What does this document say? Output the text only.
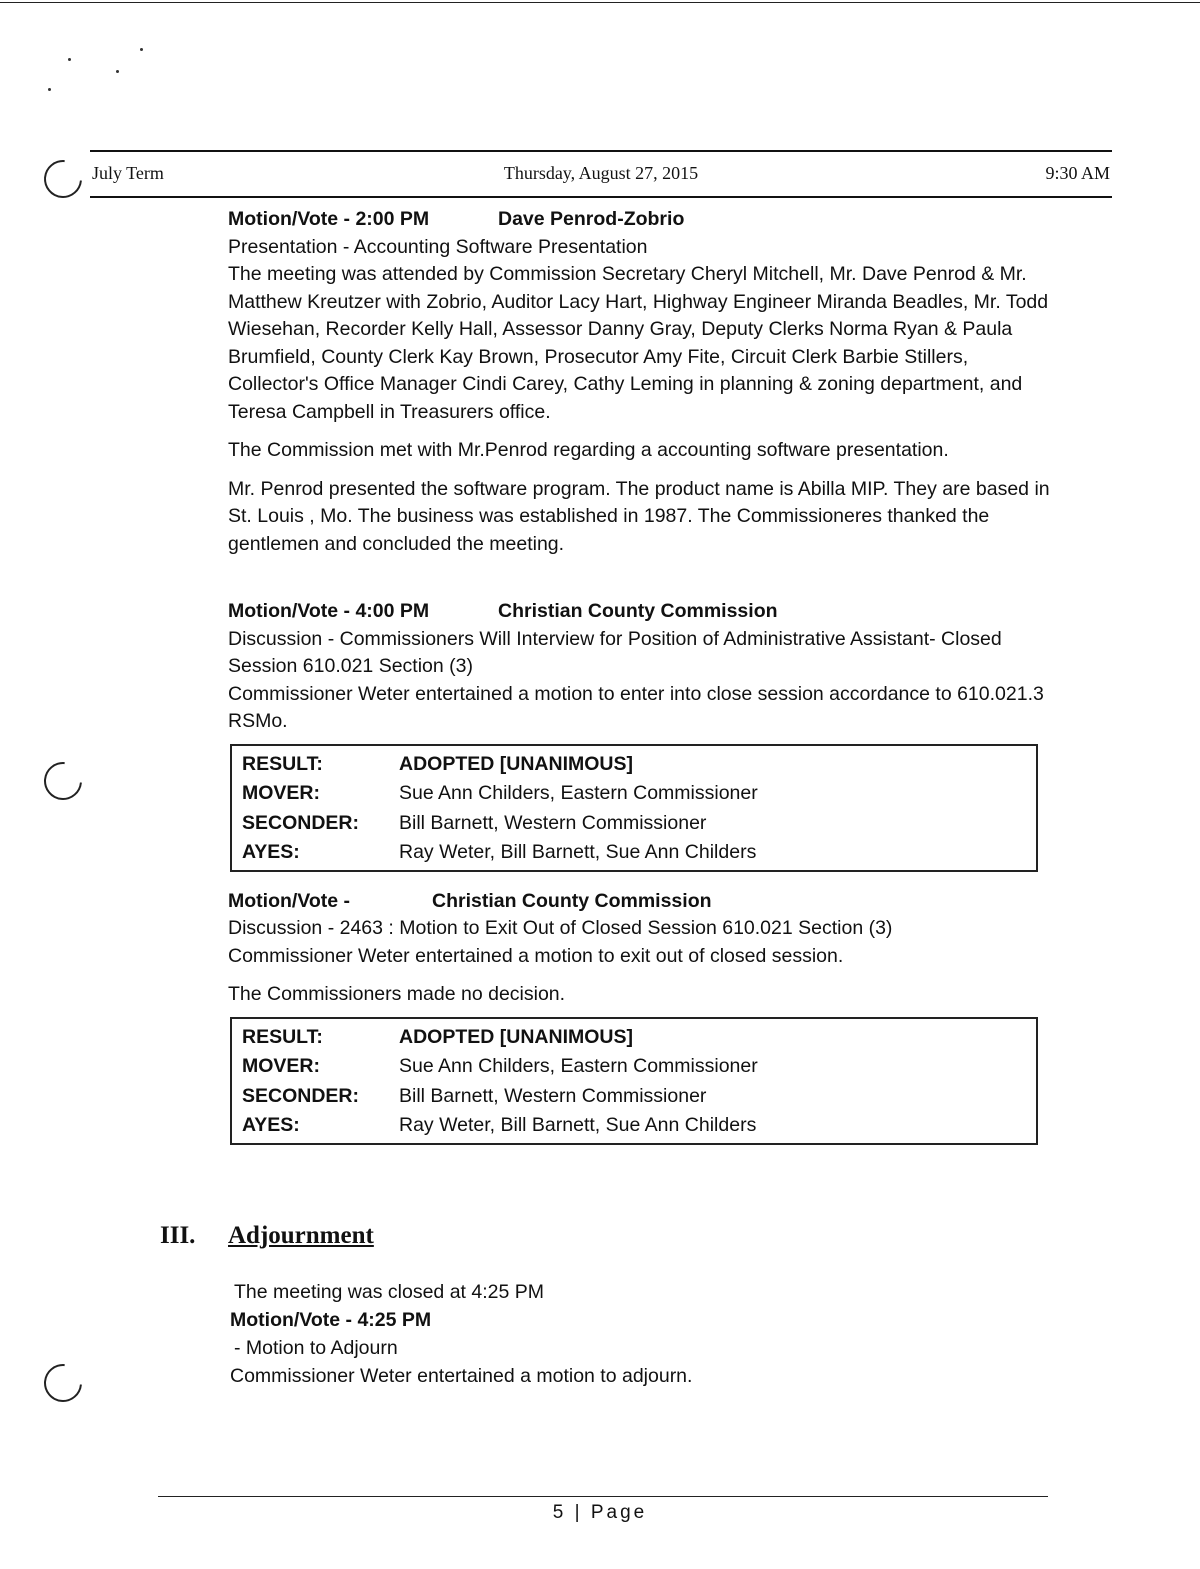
July Term	Thursday, August 27, 2015	9:30 AM
Motion/Vote - 2:00 PM	Dave Penrod-Zobrio

Presentation - Accounting Software Presentation

The meeting was attended by Commission Secretary Cheryl Mitchell, Mr. Dave Penrod & Mr. Matthew Kreutzer with Zobrio, Auditor Lacy Hart, Highway Engineer Miranda Beadles, Mr. Todd Wiesehan, Recorder Kelly Hall, Assessor Danny Gray, Deputy Clerks Norma Ryan & Paula Brumfield, County Clerk Kay Brown, Prosecutor Amy Fite, Circuit Clerk Barbie Stillers, Collector's Office Manager Cindi Carey, Cathy Leming in planning & zoning department, and Teresa Campbell in Treasurers office.

The Commission met with Mr.Penrod regarding a accounting software presentation.

Mr. Penrod presented the software program. The product name is Abilla MIP. They are based in St. Louis , Mo. The business was established in 1987. The Commissioneres thanked the gentlemen and concluded the meeting.

Motion/Vote - 4:00 PM	Christian County Commission

Discussion - Commissioners Will Interview for Position of Administrative Assistant- Closed Session 610.021 Section (3)

Commissioner Weter entertained a motion to enter into close session accordance to 610.021.3 RSMo.

RESULT:	ADOPTED [UNANIMOUS]
MOVER:	Sue Ann Childers, Eastern Commissioner
SECONDER:	Bill Barnett, Western Commissioner
AYES:	Ray Weter, Bill Barnett, Sue Ann Childers
Motion/Vote -	Christian County Commission

Discussion - 2463 : Motion to Exit Out of Closed Session 610.021 Section (3)

Commissioner Weter entertained a motion to exit out of closed session.

The Commissioners made no decision.

RESULT:	ADOPTED [UNANIMOUS]
MOVER:	Sue Ann Childers, Eastern Commissioner
SECONDER:	Bill Barnett, Western Commissioner
AYES:	Ray Weter, Bill Barnett, Sue Ann Childers
III. Adjournment

The meeting was closed at 4:25 PM

Motion/Vote - 4:25 PM

- Motion to Adjourn

Commissioner Weter entertained a motion to adjourn.

5 | Page
